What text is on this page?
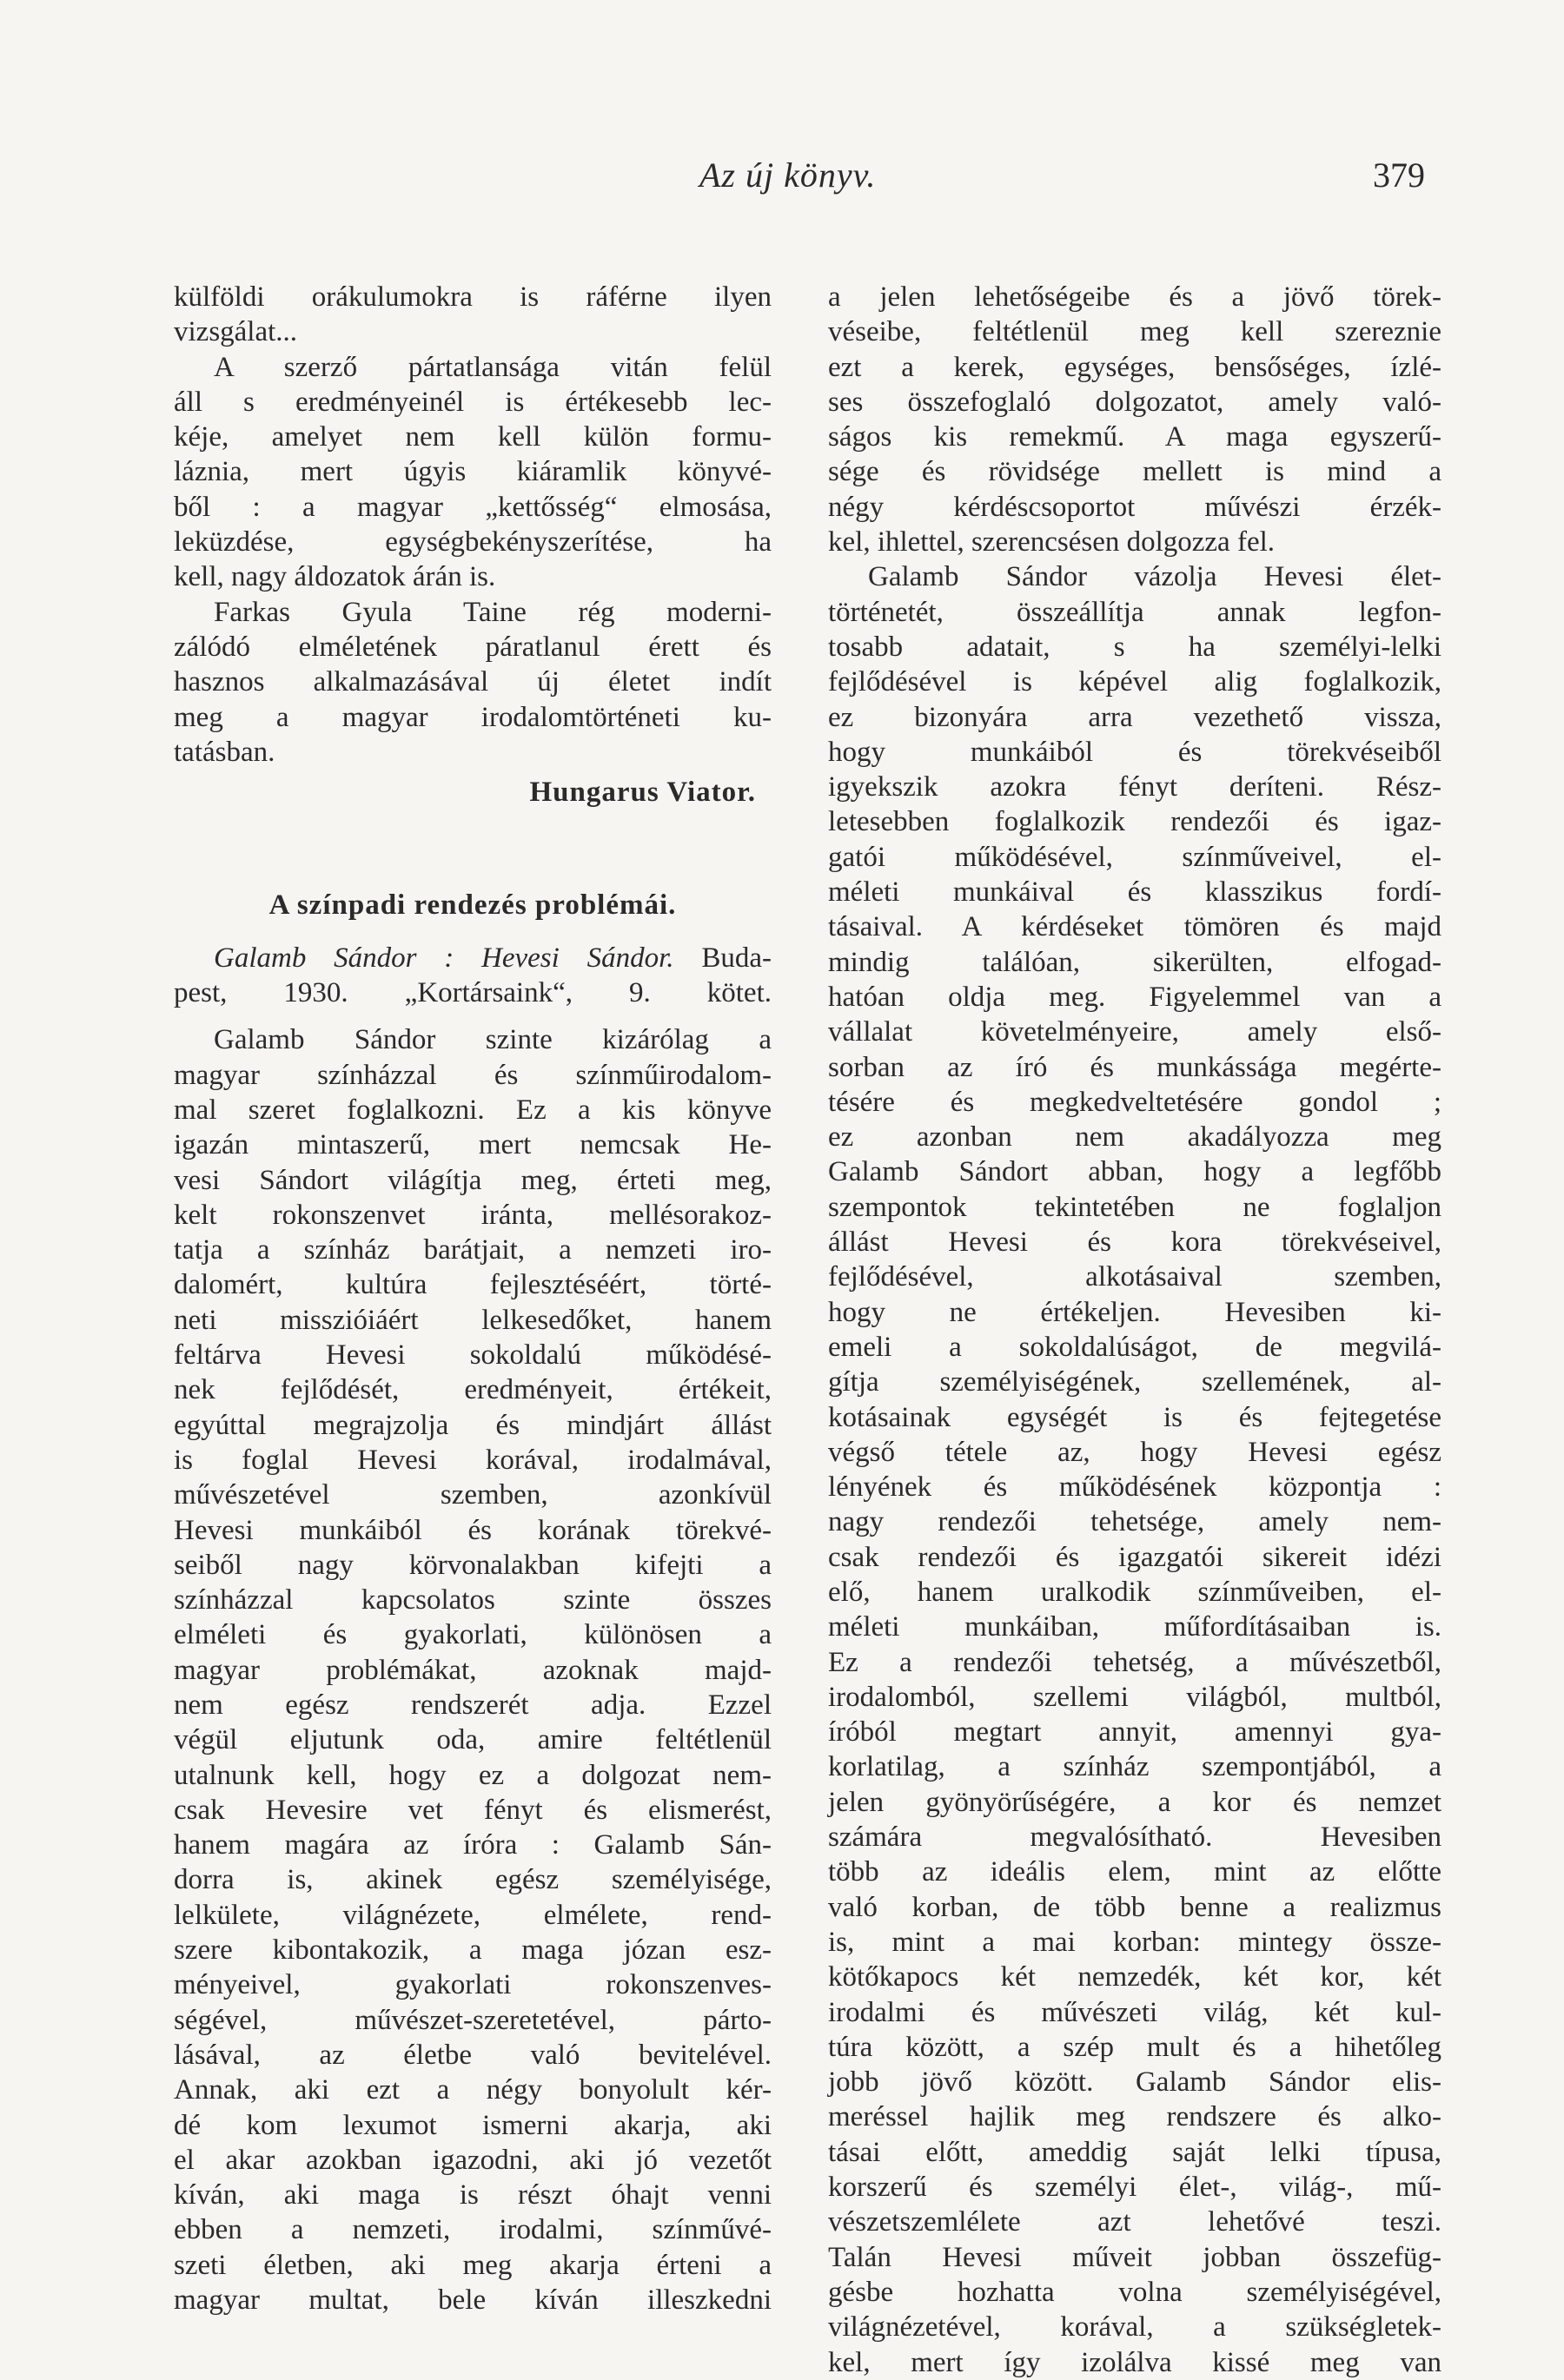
Az új könyv.	379
külföldi orákulumokra is ráférne ilyen
vizsgálat...
A szerző pártatlansága vitán felül
áll s eredményeinél is értékesebb lec-
kéje, amelyet nem kell külön formu-
láznia, mert úgyis kiáramlik könyvé-
ből : a magyar „kettősség“ elmosása,
leküzdése, egységbekényszerítése, ha
kell, nagy áldozatok árán is.
Farkas Gyula Taine rég moderni-
zálódó elméletének páratlanul érett és
hasznos alkalmazásával új életet indít
meg a magyar irodalomtörténeti ku-
tatásban.
Hungarus Viator.
A színpadi rendezés problémái.
Galamb Sándor : Hevesi Sándor. Buda-
pest, 1930. „Kortársaink“, 9. kötet.
Galamb Sándor szinte kizárólag a
magyar színházzal és színműirodalom-
mal szeret foglalkozni. Ez a kis könyve
igazán mintaszerű, mert nemcsak He-
vesi Sándort világítja meg, érteti meg,
kelt rokonszenvet iránta, mellésorakoz-
tatja a színház barátjait, a nemzeti iro-
dalomért, kultúra fejlesztéséért, törté-
neti misszióiáért lelkesedőket, hanem
feltárva Hevesi sokoldalú működésé-
nek fejlődését, eredményeit, értékeit,
egyúttal megrajzolja és mindjárt állást
is foglal Hevesi korával, irodalmával,
művészetével szemben, azonkívül
Hevesi munkáiból és korának törekvé-
seiből nagy körvonalakban kifejti a
színházzal kapcsolatos szinte összes
elméleti és gyakorlati, különösen a
magyar problémákat, azoknak majd-
nem egész rendszerét adja. Ezzel
végül eljutunk oda, amire feltétlenül
utalnunk kell, hogy ez a dolgozat nem-
csak Hevesire vet fényt és elismerést,
hanem magára az íróra : Galamb Sán-
dorra is, akinek egész személyisége,
lelkülete, világnézete, elmélete, rend-
szere kibontakozik, a maga józan esz-
ményeivel, gyakorlati rokonszenves-
ségével, művészet-szeretetével, párto-
lásával, az életbe való bevitelével.
Annak, aki ezt a négy bonyolult kér-
dé kom lexumot ismerni akarja, aki
el akar azokban igazodni, aki jó vezetőt
kíván, aki maga is részt óhajt venni
ebben a nemzeti, irodalmi, színművé-
szeti életben, aki meg akarja érteni a
magyar multat, bele kíván illeszkedni
a jelen lehetőségeibe és a jövő törek-
véseibe, feltétlenül meg kell szereznie
ezt a kerek, egységes, bensőséges, ízlé-
ses összefoglaló dolgozatot, amely való-
ságos kis remekmű. A maga egyszerű-
sége és rövidsége mellett is mind a
négy kérdéscsoportot művészi érzék-
kel, ihlettel, szerencsésen dolgozza fel.
Galamb Sándor vázolja Hevesi élet-
történetét, összeállítja annak legfon-
tosabb adatait, s ha személyi-lelki
fejlődésével is képével alig foglalkozik,
ez bizonyára arra vezethető vissza,
hogy munkáiból és törekvéseiből
igyekszik azokra fényt deríteni. Rész-
letesebben foglalkozik rendezői és igaz-
gatói működésével, színműveivel, el-
méleti munkáival és klasszikus fordí-
tásaival. A kérdéseket tömören és majd
mindig találóan, sikerülten, elfogad-
hatóan oldja meg. Figyelemmel van a
vállalat követelményeire, amely első-
sorban az író és munkássága megérte-
tésére és megkedveltetésére gondol ;
ez azonban nem akadályozza meg
Galamb Sándort abban, hogy a legfőbb
szempontok tekintetében ne foglaljon
állást Hevesi és kora törekvéseivel,
fejlődésével, alkotásaival szemben,
hogy ne értékeljen. Hevesiben ki-
emeli a sokoldalúságot, de megvilá-
gítja személyiségének, szellemének, al-
kotásainak egységét is és fejtegetése
végső tétele az, hogy Hevesi egész
lényének és működésének központja :
nagy rendezői tehetsége, amely nem-
csak rendezői és igazgatói sikereit idézi
elő, hanem uralkodik színműveiben, el-
méleti munkáiban, műfordításaiban is.
Ez a rendezői tehetség, a művészetből,
irodalomból, szellemi világból, multból,
íróból megtart annyit, amennyi gya-
korlatilag, a színház szempontjából, a
jelen gyönyörűségére, a kor és nemzet
számára megvalósítható. Hevesiben
több az ideális elem, mint az előtte
való korban, de több benne a realizmus
is, mint a mai korban: mintegy össze-
kötőkapocs két nemzedék, két kor, két
irodalmi és művészeti világ, két kul-
túra között, a szép mult és a hihetőleg
jobb jövő között. Galamb Sándor elis-
meréssel hajlik meg rendszere és alko-
tásai előtt, ameddig saját lelki típusa,
korszerű és személyi élet-, világ-, mű-
vészetszemlélete azt lehetővé teszi.
Talán Hevesi műveit jobban összefüg-
gésbe hozhatta volna személyiségével,
világnézetével, korával, a szükségletek-
kel, mert így izolálva kissé meg van
